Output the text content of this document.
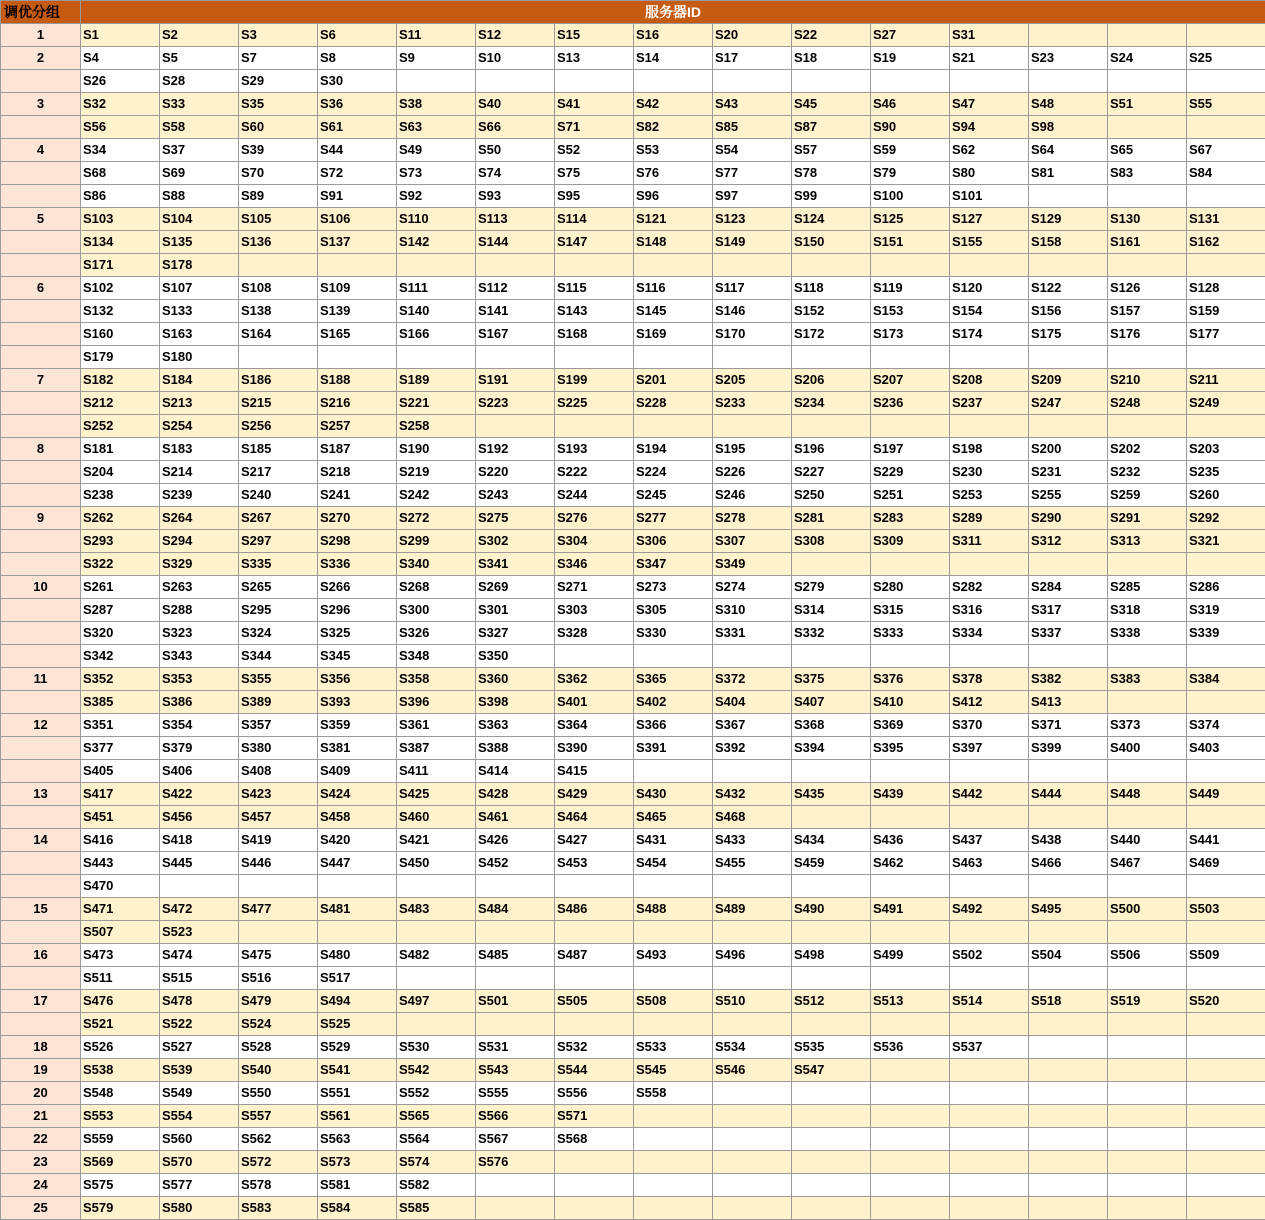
调优分组	服务器ID														
1	S1	S2	S3	S6	S11	S12	S15	S16	S20	S22	S27	S31			
2	S4	S5	S7	S8	S9	S10	S13	S14	S17	S18	S19	S21	S23	S24	S25
	S26	S28	S29	S30											
3	S32	S33	S35	S36	S38	S40	S41	S42	S43	S45	S46	S47	S48	S51	S55
	S56	S58	S60	S61	S63	S66	S71	S82	S85	S87	S90	S94	S98		
4	S34	S37	S39	S44	S49	S50	S52	S53	S54	S57	S59	S62	S64	S65	S67
	S68	S69	S70	S72	S73	S74	S75	S76	S77	S78	S79	S80	S81	S83	S84
	S86	S88	S89	S91	S92	S93	S95	S96	S97	S99	S100	S101			
5	S103	S104	S105	S106	S110	S113	S114	S121	S123	S124	S125	S127	S129	S130	S131
	S134	S135	S136	S137	S142	S144	S147	S148	S149	S150	S151	S155	S158	S161	S162
	S171	S178													
6	S102	S107	S108	S109	S111	S112	S115	S116	S117	S118	S119	S120	S122	S126	S128
	S132	S133	S138	S139	S140	S141	S143	S145	S146	S152	S153	S154	S156	S157	S159
	S160	S163	S164	S165	S166	S167	S168	S169	S170	S172	S173	S174	S175	S176	S177
	S179	S180													
7	S182	S184	S186	S188	S189	S191	S199	S201	S205	S206	S207	S208	S209	S210	S211
	S212	S213	S215	S216	S221	S223	S225	S228	S233	S234	S236	S237	S247	S248	S249
	S252	S254	S256	S257	S258										
8	S181	S183	S185	S187	S190	S192	S193	S194	S195	S196	S197	S198	S200	S202	S203
	S204	S214	S217	S218	S219	S220	S222	S224	S226	S227	S229	S230	S231	S232	S235
	S238	S239	S240	S241	S242	S243	S244	S245	S246	S250	S251	S253	S255	S259	S260
9	S262	S264	S267	S270	S272	S275	S276	S277	S278	S281	S283	S289	S290	S291	S292
	S293	S294	S297	S298	S299	S302	S304	S306	S307	S308	S309	S311	S312	S313	S321
	S322	S329	S335	S336	S340	S341	S346	S347	S349						
10	S261	S263	S265	S266	S268	S269	S271	S273	S274	S279	S280	S282	S284	S285	S286
	S287	S288	S295	S296	S300	S301	S303	S305	S310	S314	S315	S316	S317	S318	S319
	S320	S323	S324	S325	S326	S327	S328	S330	S331	S332	S333	S334	S337	S338	S339
	S342	S343	S344	S345	S348	S350									
11	S352	S353	S355	S356	S358	S360	S362	S365	S372	S375	S376	S378	S382	S383	S384
	S385	S386	S389	S393	S396	S398	S401	S402	S404	S407	S410	S412	S413		
12	S351	S354	S357	S359	S361	S363	S364	S366	S367	S368	S369	S370	S371	S373	S374
	S377	S379	S380	S381	S387	S388	S390	S391	S392	S394	S395	S397	S399	S400	S403
	S405	S406	S408	S409	S411	S414	S415								
13	S417	S422	S423	S424	S425	S428	S429	S430	S432	S435	S439	S442	S444	S448	S449
	S451	S456	S457	S458	S460	S461	S464	S465	S468						
14	S416	S418	S419	S420	S421	S426	S427	S431	S433	S434	S436	S437	S438	S440	S441
	S443	S445	S446	S447	S450	S452	S453	S454	S455	S459	S462	S463	S466	S467	S469
	S470														
15	S471	S472	S477	S481	S483	S484	S486	S488	S489	S490	S491	S492	S495	S500	S503
	S507	S523													
16	S473	S474	S475	S480	S482	S485	S487	S493	S496	S498	S499	S502	S504	S506	S509
	S511	S515	S516	S517											
17	S476	S478	S479	S494	S497	S501	S505	S508	S510	S512	S513	S514	S518	S519	S520
	S521	S522	S524	S525											
18	S526	S527	S528	S529	S530	S531	S532	S533	S534	S535	S536	S537			
19	S538	S539	S540	S541	S542	S543	S544	S545	S546	S547					
20	S548	S549	S550	S551	S552	S555	S556	S558							
21	S553	S554	S557	S561	S565	S566	S571								
22	S559	S560	S562	S563	S564	S567	S568								
23	S569	S570	S572	S573	S574	S576									
24	S575	S577	S578	S581	S582										
25	S579	S580	S583	S584	S585										
